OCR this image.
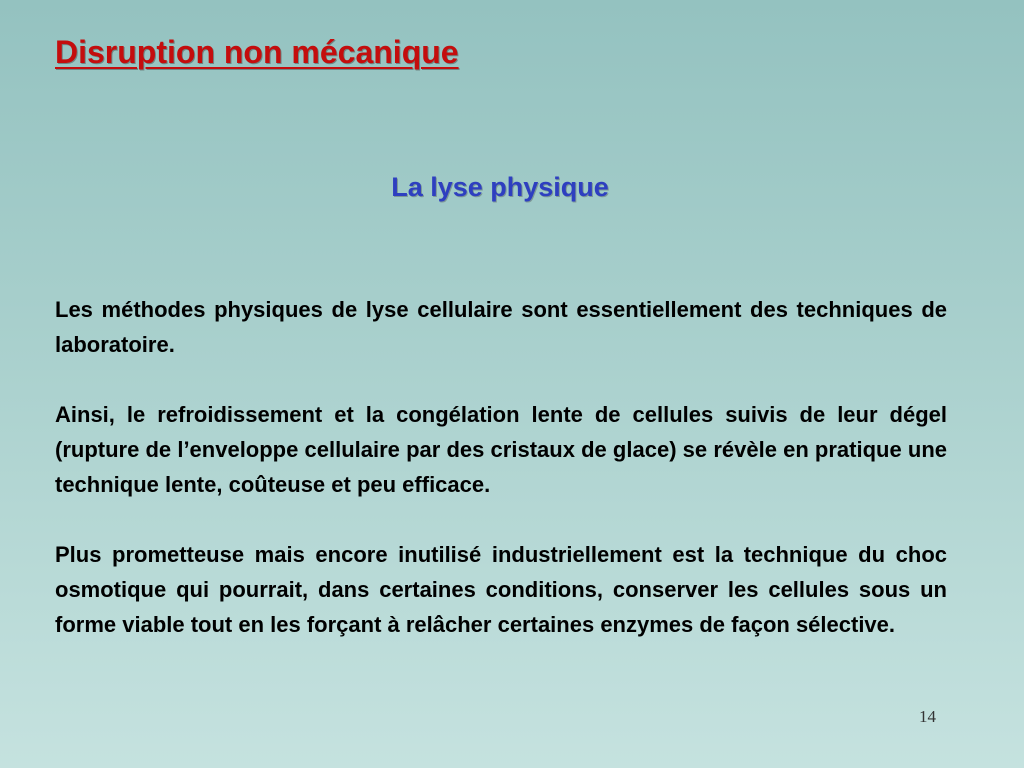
Disruption non mécanique
La lyse physique

Les méthodes physiques de lyse cellulaire sont essentiellement des techniques de laboratoire.

Ainsi, le refroidissement et la congélation lente de cellules suivis de leur dégel (rupture de l’enveloppe cellulaire par des cristaux de glace) se révèle en pratique une technique lente, coûteuse et peu efficace.

Plus prometteuse mais encore inutilisé industriellement est la technique du choc osmotique qui pourrait, dans certaines conditions, conserver les cellules sous un forme viable tout en les forçant à relâcher certaines enzymes de façon sélective.

14
